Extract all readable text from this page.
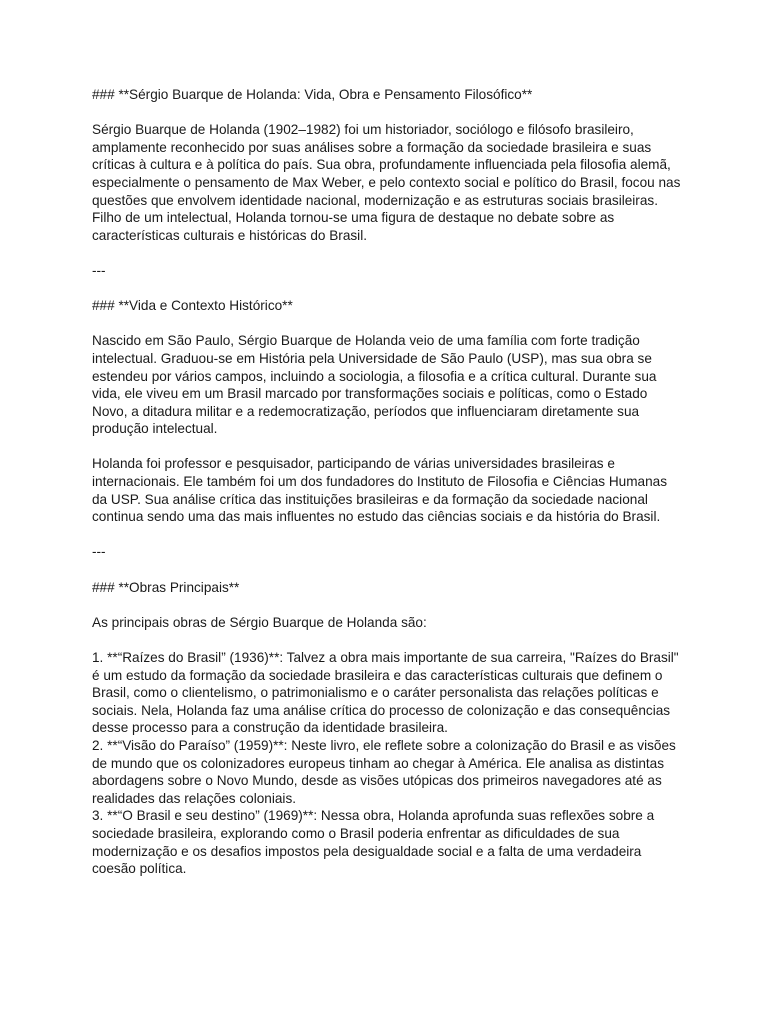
### **Sérgio Buarque de Holanda: Vida, Obra e Pensamento Filosófico**
Sérgio Buarque de Holanda (1902–1982) foi um historiador, sociólogo e filósofo brasileiro, amplamente reconhecido por suas análises sobre a formação da sociedade brasileira e suas críticas à cultura e à política do país. Sua obra, profundamente influenciada pela filosofia alemã, especialmente o pensamento de Max Weber, e pelo contexto social e político do Brasil, focou nas questões que envolvem identidade nacional, modernização e as estruturas sociais brasileiras. Filho de um intelectual, Holanda tornou-se uma figura de destaque no debate sobre as características culturais e históricas do Brasil.
---
### **Vida e Contexto Histórico**
Nascido em São Paulo, Sérgio Buarque de Holanda veio de uma família com forte tradição intelectual. Graduou-se em História pela Universidade de São Paulo (USP), mas sua obra se estendeu por vários campos, incluindo a sociologia, a filosofia e a crítica cultural. Durante sua vida, ele viveu em um Brasil marcado por transformações sociais e políticas, como o Estado Novo, a ditadura militar e a redemocratização, períodos que influenciaram diretamente sua produção intelectual.
Holanda foi professor e pesquisador, participando de várias universidades brasileiras e internacionais. Ele também foi um dos fundadores do Instituto de Filosofia e Ciências Humanas da USP. Sua análise crítica das instituições brasileiras e da formação da sociedade nacional continua sendo uma das mais influentes no estudo das ciências sociais e da história do Brasil.
---
### **Obras Principais**
As principais obras de Sérgio Buarque de Holanda são:
1. **“Raízes do Brasil” (1936)**: Talvez a obra mais importante de sua carreira, "Raízes do Brasil" é um estudo da formação da sociedade brasileira e das características culturais que definem o Brasil, como o clientelismo, o patrimonialismo e o caráter personalista das relações políticas e sociais. Nela, Holanda faz uma análise crítica do processo de colonização e das consequências desse processo para a construção da identidade brasileira.
2. **“Visão do Paraíso” (1959)**: Neste livro, ele reflete sobre a colonização do Brasil e as visões de mundo que os colonizadores europeus tinham ao chegar à América. Ele analisa as distintas abordagens sobre o Novo Mundo, desde as visões utópicas dos primeiros navegadores até as realidades das relações coloniais.
3. **“O Brasil e seu destino” (1969)**: Nessa obra, Holanda aprofunda suas reflexões sobre a sociedade brasileira, explorando como o Brasil poderia enfrentar as dificuldades de sua modernização e os desafios impostos pela desigualdade social e a falta de uma verdadeira coesão política.
